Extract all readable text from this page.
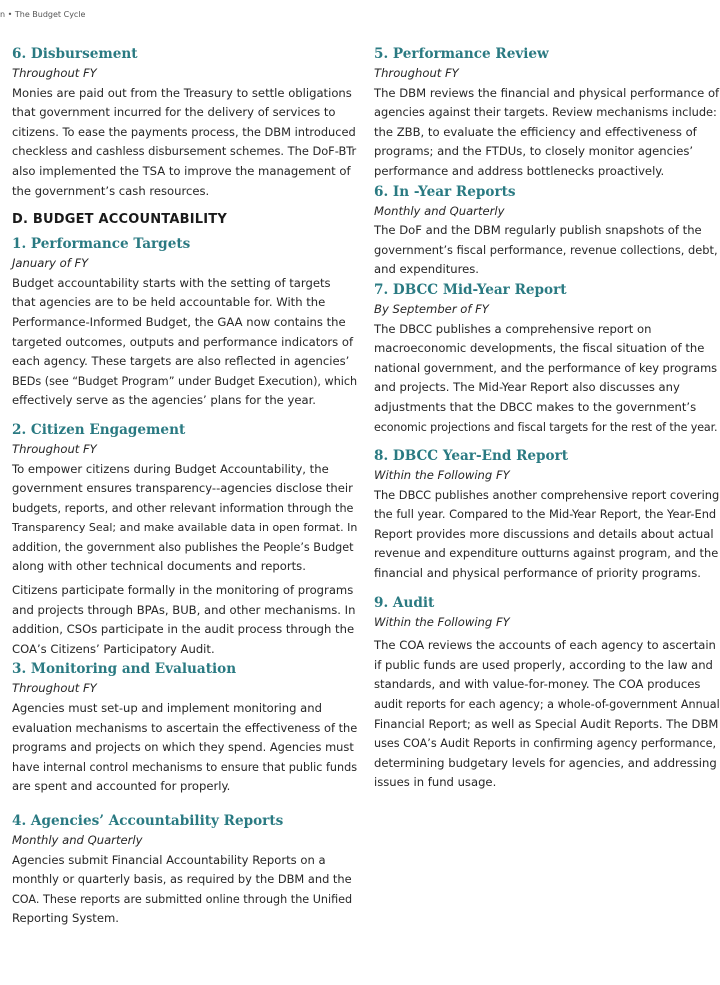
n • The Budget Cycle
6. Disbursement

Throughout FY

Monies are paid out from the Treasury to settle obligations
that government incurred for the delivery of services to
citizens. To ease the payments process, the DBM introduced
checkless and cashless disbursement schemes. The DoF-BTr
also implemented the TSA to improve the management of
the government’s cash resources.

D. BUDGET ACCOUNTABILITY
1. Performance Targets

January of FY

Budget accountability starts with the setting of targets
that agencies are to be held accountable for. With the
Performance-Informed Budget, the GAA now contains the
targeted outcomes, outputs and performance indicators of
each agency. These targets are also reflected in agencies’
BEDs (see “Budget Program” under Budget Execution), which
effectively serve as the agencies’ plans for the year.

2. Citizen Engagement

Throughout FY

To empower citizens during Budget Accountability, the
government ensures transparency--agencies disclose their
budgets, reports, and other relevant information through the
Transparency Seal; and make available data in open format. In
addition, the government also publishes the People’s Budget
along with other technical documents and reports.

Citizens participate formally in the monitoring of programs
and projects through BPAs, BUB, and other mechanisms. In
addition, CSOs participate in the audit process through the
COA’s Citizens’ Participatory Audit.

3. Monitoring and Evaluation

Throughout FY

Agencies must set-up and implement monitoring and
evaluation mechanisms to ascertain the effectiveness of the
programs and projects on which they spend. Agencies must
have internal control mechanisms to ensure that public funds
are spent and accounted for properly.

4. Agencies’ Accountability Reports

Monthly and Quarterly

Agencies submit Financial Accountability Reports on a
monthly or quarterly basis, as required by the DBM and the
COA. These reports are submitted online through the Unified
Reporting System.

5. Performance Review

Throughout FY

The DBM reviews the financial and physical performance of
agencies against their targets. Review mechanisms include:
the ZBB, to evaluate the efficiency and effectiveness of
programs; and the FTDUs, to closely monitor agencies’
performance and address bottlenecks proactively.

6. In -Year Reports

Monthly and Quarterly

The DoF and the DBM regularly publish snapshots of the
government’s fiscal performance, revenue collections, debt,
and expenditures.

7. DBCC Mid-Year Report

By September of FY

The DBCC publishes a comprehensive report on
macroeconomic developments, the fiscal situation of the
national government, and the performance of key programs
and projects. The Mid-Year Report also discusses any
adjustments that the DBCC makes to the government’s
economic projections and fiscal targets for the rest of the year.

8. DBCC Year-End Report

Within the Following FY

The DBCC publishes another comprehensive report covering
the full year. Compared to the Mid-Year Report, the Year-End
Report provides more discussions and details about actual
revenue and expenditure outturns against program, and the
financial and physical performance of priority programs.

9. Audit

Within the Following FY

The COA reviews the accounts of each agency to ascertain
if public funds are used properly, according to the law and
standards, and with value-for-money. The COA produces
audit reports for each agency; a whole-of-government Annual
Financial Report; as well as Special Audit Reports. The DBM
uses COA’s Audit Reports in confirming agency performance,
determining budgetary levels for agencies, and addressing
issues in fund usage.
